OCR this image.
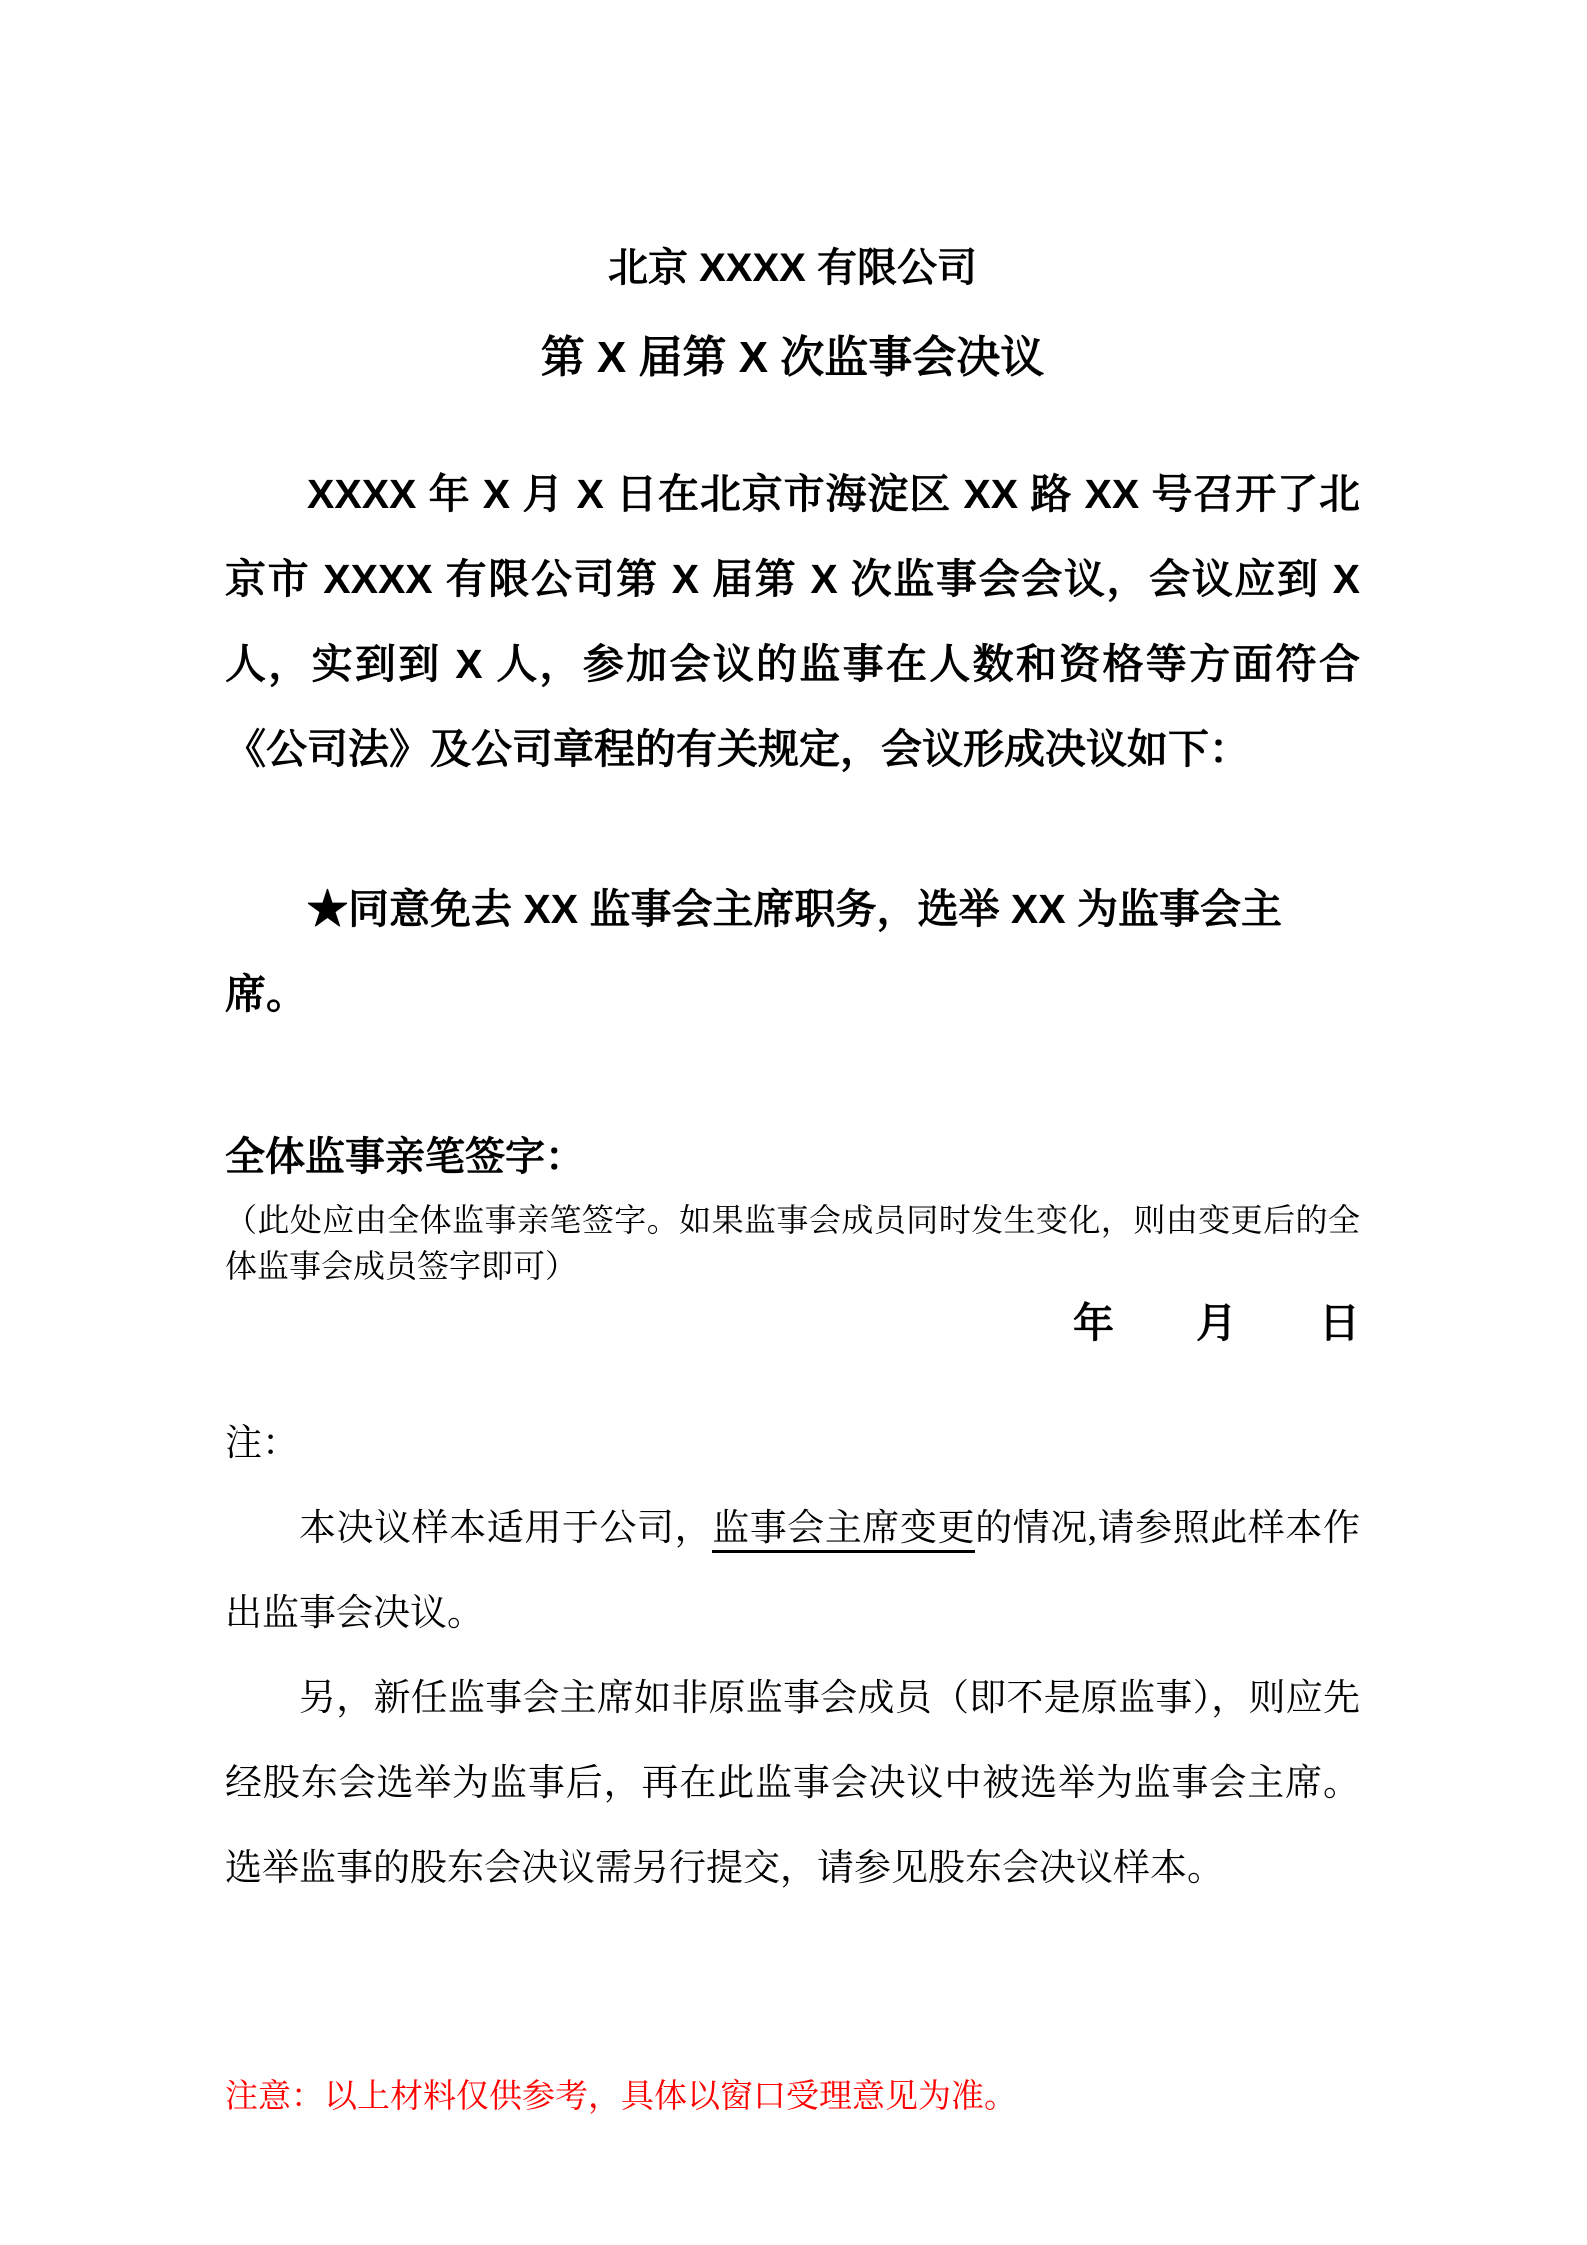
北京 XXXX 有限公司
第 X 届第 X 次监事会决议

XXXX 年 X 月 X 日在北京市海淀区 XX 路 XX 号召开了北京市 XXXX 有限公司第 X 届第 X 次监事会会议，会议应到 X 人，实到到 X 人，参加会议的监事在人数和资格等方面符合《公司法》及公司章程的有关规定，会议形成决议如下：

★同意免去 XX 监事会主席职务，选举 XX 为监事会主席。

全体监事亲笔签字：

（此处应由全体监事亲笔签字。如果监事会成员同时发生变化，则由变更后的全体监事会成员签字即可）

年　　月　　日

注：

本决议样本适用于公司，监事会主席变更的情况,请参照此样本作出监事会决议。

另，新任监事会主席如非原监事会成员（即不是原监事），则应先经股东会选举为监事后，再在此监事会决议中被选举为监事会主席。选举监事的股东会决议需另行提交，请参见股东会决议样本。

注意：以上材料仅供参考，具体以窗口受理意见为准。
